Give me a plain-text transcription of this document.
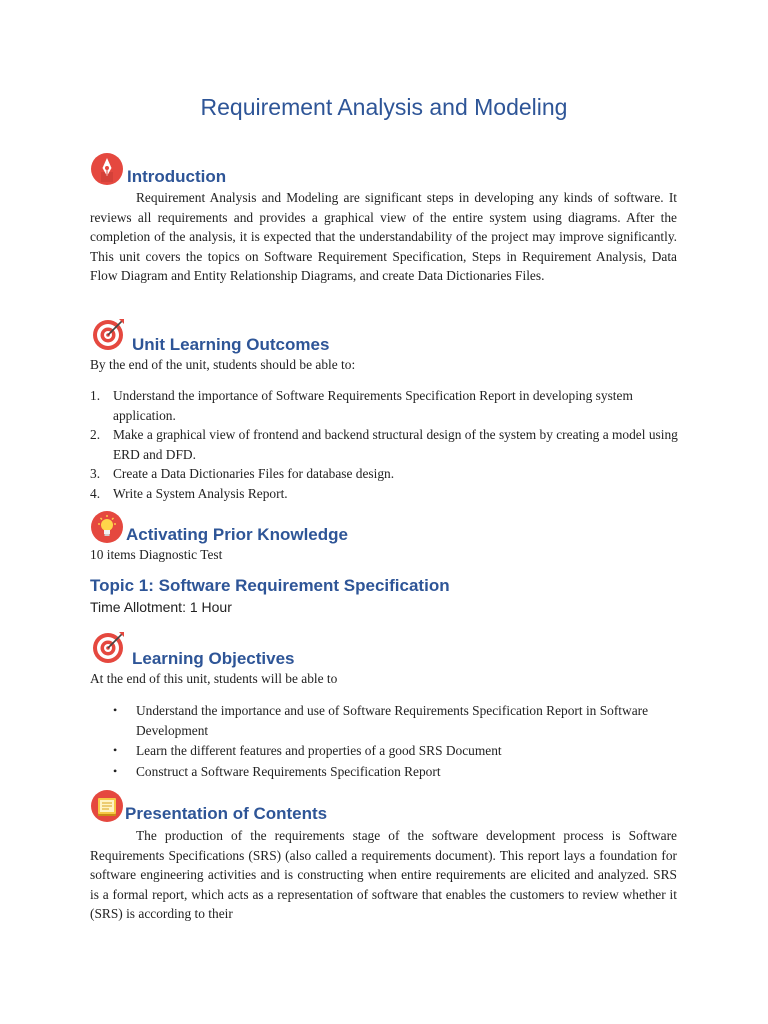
Requirement Analysis and Modeling
Introduction

Requirement Analysis and Modeling are significant steps in developing any kinds of software. It reviews all requirements and provides a graphical view of the entire system using diagrams. After the completion of the analysis, it is expected that the understandability of the project may improve significantly. This unit covers the topics on Software Requirement Specification, Steps in Requirement Analysis, Data Flow Diagram and Entity Relationship Diagrams, and create Data Dictionaries Files.

Unit Learning Outcomes

By the end of the unit, students should be able to:

1. Understand the importance of Software Requirements Specification Report in developing system application.
2. Make a graphical view of frontend and backend structural design of the system by creating a model using ERD and DFD.
3. Create a Data Dictionaries Files for database design.
4. Write a System Analysis Report.
Activating Prior Knowledge

10 items Diagnostic Test

Topic 1: Software Requirement Specification

Time Allotment: 1 Hour

Learning Objectives

At the end of this unit, students will be able to

• Understand the importance and use of Software Requirements Specification Report in Software Development
• Learn the different features and properties of a good SRS Document
• Construct a Software Requirements Specification Report
Presentation of Contents

The production of the requirements stage of the software development process is Software Requirements Specifications (SRS) (also called a requirements document). This report lays a foundation for software engineering activities and is constructing when entire requirements are elicited and analyzed. SRS is a formal report, which acts as a representation of software that enables the customers to review whether it (SRS) is according to their
